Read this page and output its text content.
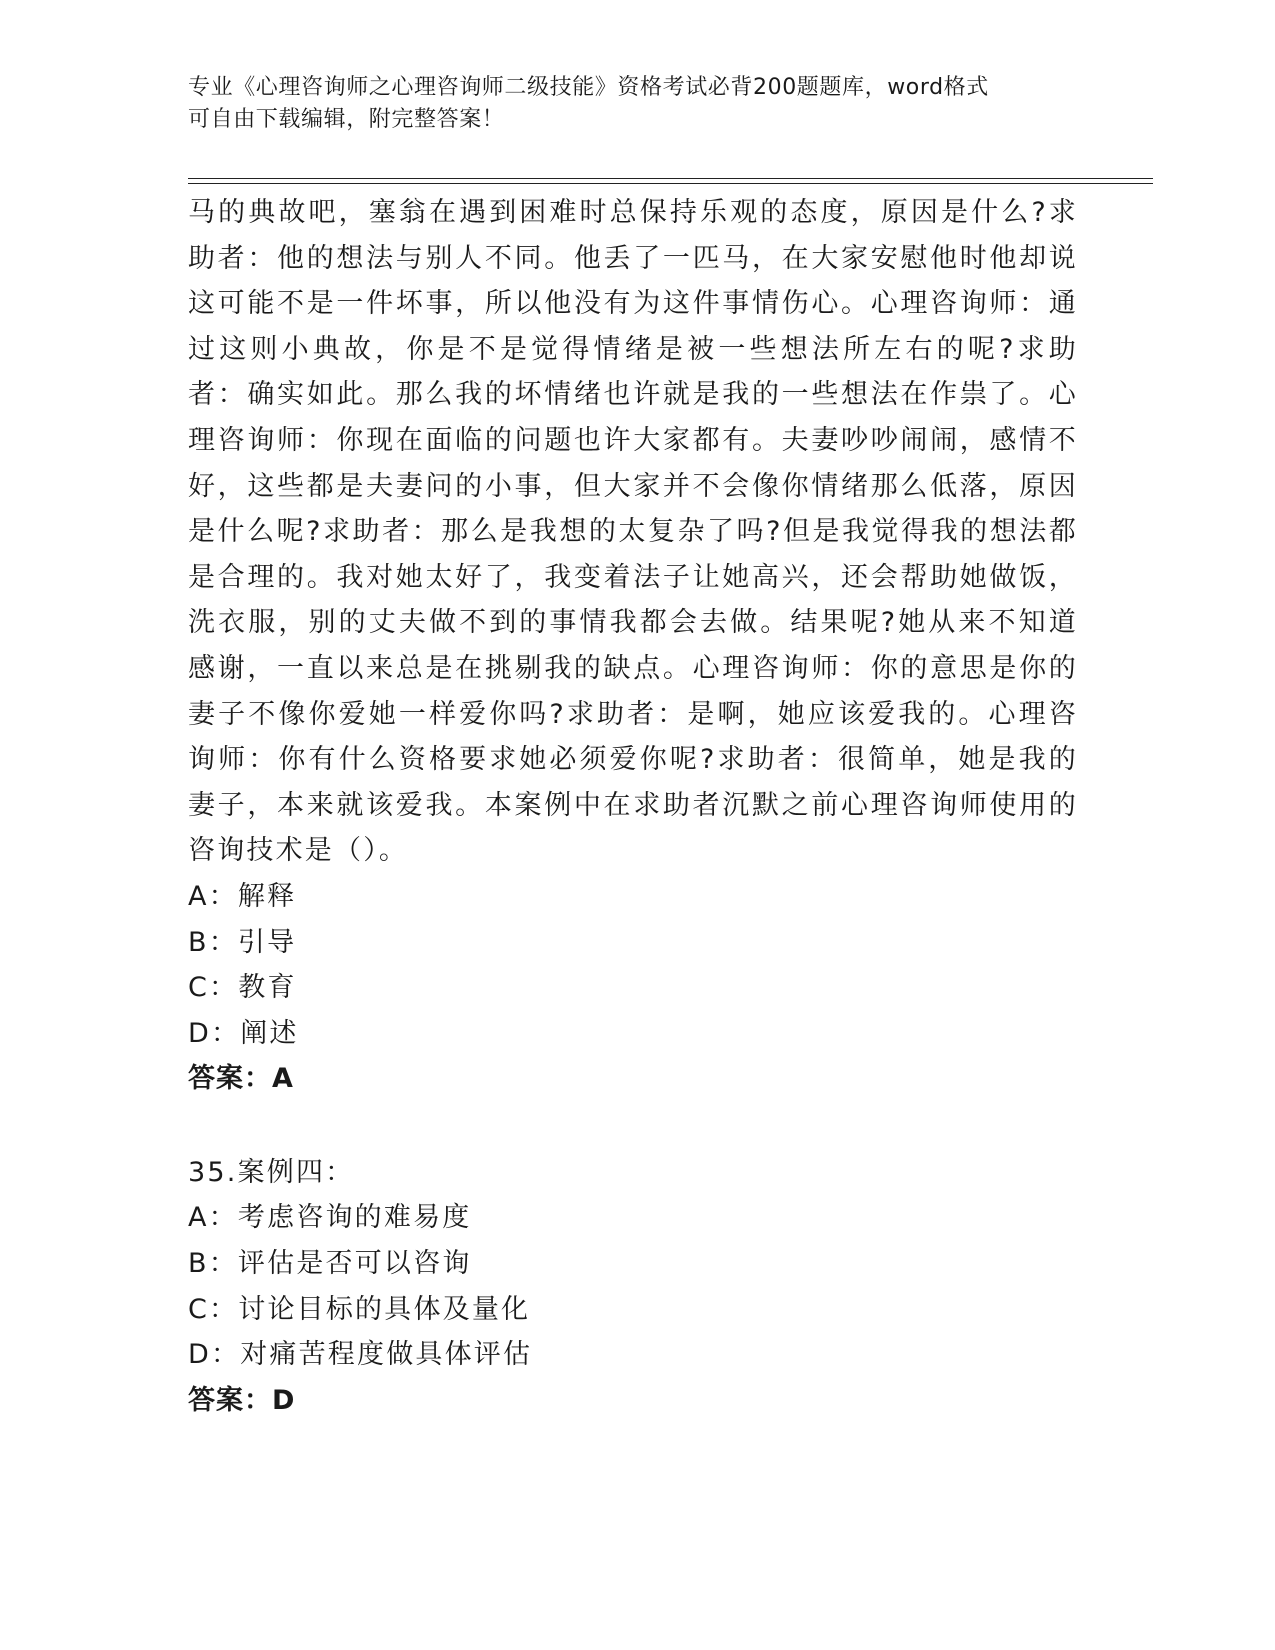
专业《心理咨询师之心理咨询师二级技能》资格考试必背200题题库，word格式
可自由下载编辑，附完整答案！

马的典故吧，塞翁在遇到困难时总保持乐观的态度，原因是什么?求助者：他的想法与别人不同。他丢了一匹马，在大家安慰他时他却说这可能不是一件坏事，所以他没有为这件事情伤心。心理咨询师：通过这则小典故，你是不是觉得情绪是被一些想法所左右的呢?求助者：确实如此。那么我的坏情绪也许就是我的一些想法在作祟了。心理咨询师：你现在面临的问题也许大家都有。夫妻吵吵闹闹，感情不好，这些都是夫妻问的小事，但大家并不会像你情绪那么低落，原因是什么呢?求助者：那么是我想的太复杂了吗?但是我觉得我的想法都是合理的。我对她太好了，我变着法子让她高兴，还会帮助她做饭，洗衣服，别的丈夫做不到的事情我都会去做。结果呢?她从来不知道感谢，一直以来总是在挑剔我的缺点。心理咨询师：你的意思是你的妻子不像你爱她一样爱你吗?求助者：是啊，她应该爱我的。心理咨询师：你有什么资格要求她必须爱你呢?求助者：很简单，她是我的妻子，本来就该爱我。本案例中在求助者沉默之前心理咨询师使用的咨询技术是（）。

A：解释

B：引导

C：教育

D：阐述

答案：A

35.案例四：

A：考虑咨询的难易度

B：评估是否可以咨询

C：讨论目标的具体及量化

D：对痛苦程度做具体评估

答案：D
